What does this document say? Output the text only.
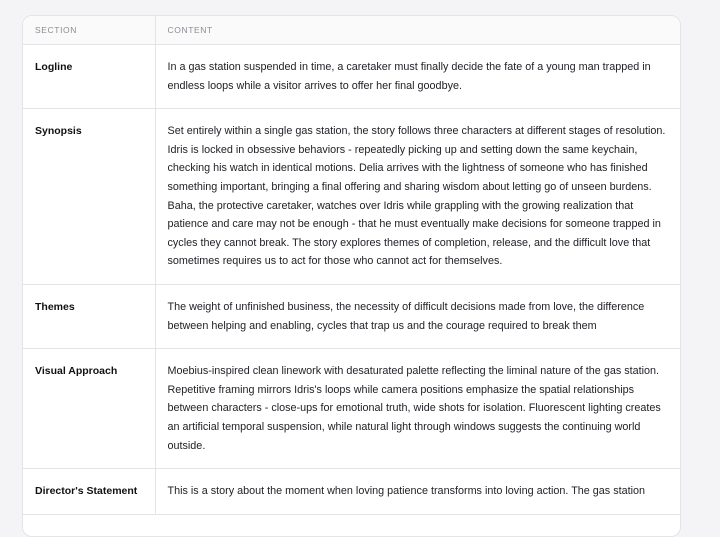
SECTION	CONTENT
Logline	In a gas station suspended in time, a caretaker must finally decide the fate of a young man trapped in endless loops while a visitor arrives to offer her final goodbye.
Synopsis	Set entirely within a single gas station, the story follows three characters at different stages of resolution. Idris is locked in obsessive behaviors - repeatedly picking up and setting down the same keychain, checking his watch in identical motions. Delia arrives with the lightness of someone who has finished something important, bringing a final offering and sharing wisdom about letting go of unseen burdens. Baha, the protective caretaker, watches over Idris while grappling with the growing realization that patience and care may not be enough - that he must eventually make decisions for someone trapped in cycles they cannot break. The story explores themes of completion, release, and the difficult love that sometimes requires us to act for those who cannot act for themselves.
Themes	The weight of unfinished business, the necessity of difficult decisions made from love, the difference between helping and enabling, cycles that trap us and the courage required to break them
Visual Approach	Moebius-inspired clean linework with desaturated palette reflecting the liminal nature of the gas station. Repetitive framing mirrors Idris's loops while camera positions emphasize the spatial relationships between characters - close-ups for emotional truth, wide shots for isolation. Fluorescent lighting creates an artificial temporal suspension, while natural light through windows suggests the continuing world outside.
Director's Statement	This is a story about the moment when loving patience transforms into loving action. The gas station
